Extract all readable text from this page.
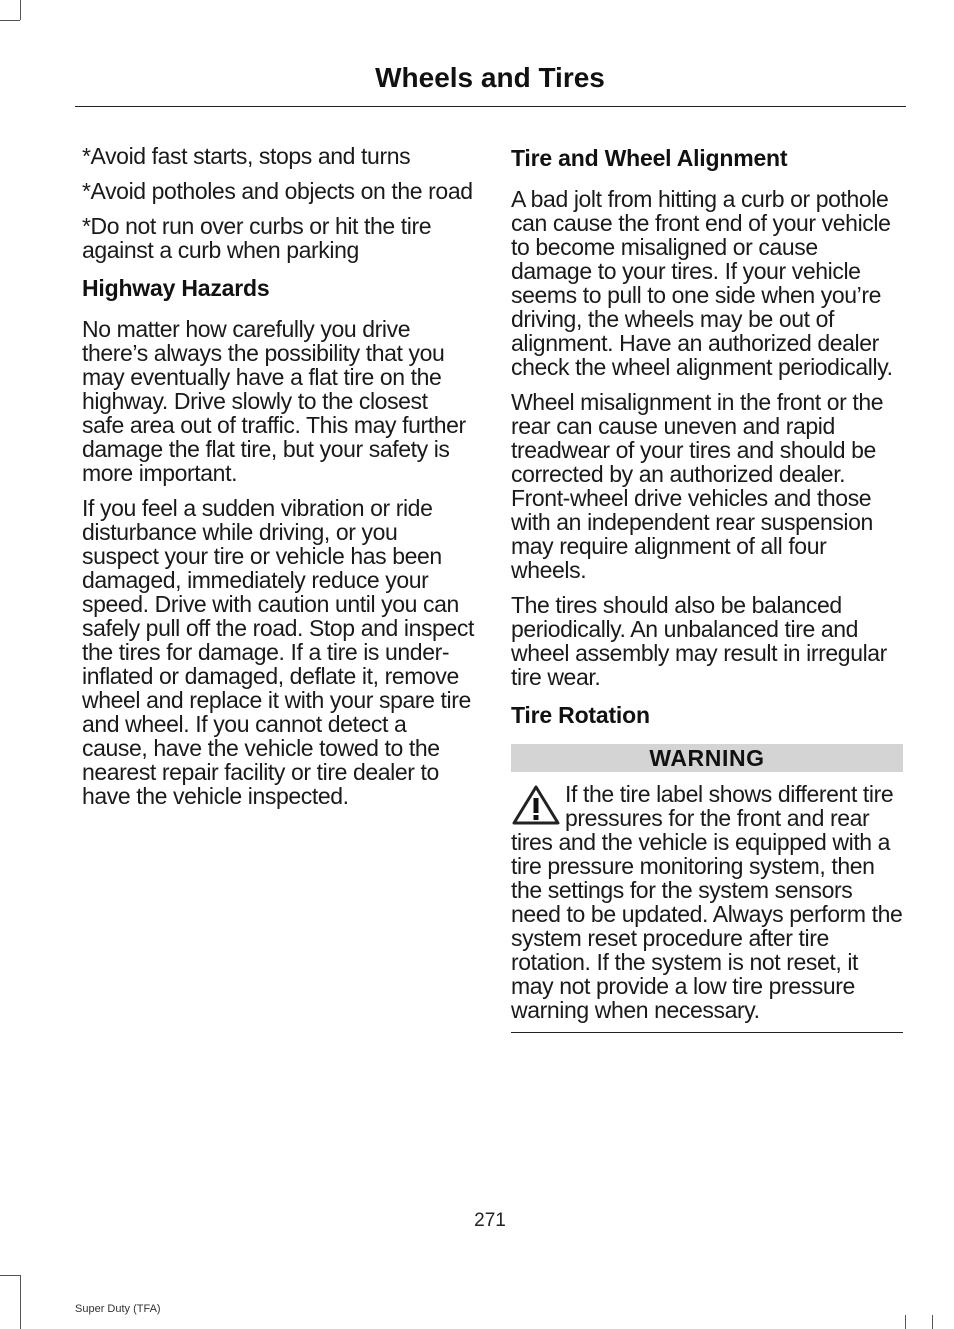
Wheels and Tires

*Avoid fast starts, stops and turns

*Avoid potholes and objects on the road

*Do not run over curbs or hit the tire against a curb when parking

Highway Hazards

No matter how carefully you drive there’s always the possibility that you may eventually have a flat tire on the highway. Drive slowly to the closest safe area out of traffic. This may further damage the flat tire, but your safety is more important.

If you feel a sudden vibration or ride disturbance while driving, or you suspect your tire or vehicle has been damaged, immediately reduce your speed. Drive with caution until you can safely pull off the road. Stop and inspect the tires for damage. If a tire is under-inflated or damaged, deflate it, remove wheel and replace it with your spare tire and wheel. If you cannot detect a cause, have the vehicle towed to the nearest repair facility or tire dealer to have the vehicle inspected.

Tire and Wheel Alignment

A bad jolt from hitting a curb or pothole can cause the front end of your vehicle to become misaligned or cause damage to your tires. If your vehicle seems to pull to one side when you’re driving, the wheels may be out of alignment. Have an authorized dealer check the wheel alignment periodically.

Wheel misalignment in the front or the rear can cause uneven and rapid treadwear of your tires and should be corrected by an authorized dealer. Front-wheel drive vehicles and those with an independent rear suspension may require alignment of all four wheels.

The tires should also be balanced periodically. An unbalanced tire and wheel assembly may result in irregular tire wear.

Tire Rotation
WARNING

If the tire label shows different tire pressures for the front and rear tires and the vehicle is equipped with a tire pressure monitoring system, then the settings for the system sensors need to be updated. Always perform the system reset procedure after tire rotation. If the system is not reset, it may not provide a low tire pressure warning when necessary.

271
Super Duty (TFA)
